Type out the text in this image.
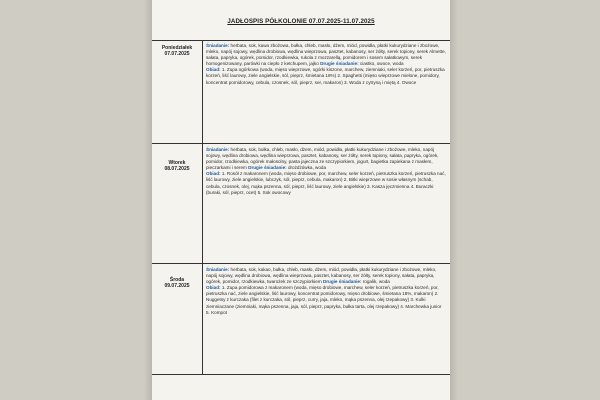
JADŁOSPIS PÓŁKOLONIE 07.07.2025-11.07.2025
Poniedziałek
07.07.2025

Śniadanie: herbata, sok, kawa zbożowa, bułka, chleb, masło, dżem, miód, powidła, płatki kukurydziane i zbożowe, mleko, napój sojowy, wędlina drobiowa, wędlina wieprzowa, pasztet, kabanosy, ser żółty, serek topiony, serek Almette, sałata, papryka, ogórek, pomidor, rzodkiewka, rukola z mozzarellą, pomidorem i sosem sałatkowym, serek homogenizowany, parówki na ciepło z ketchupem, jajko Drugie śniadanie: ciastko, owoce, woda

Obiad: 1. Zupa ogórkowa (woda, mięso wieprzowe, ogórki kiszone, marchew, ziemniaki, seler korzeń, por, pietruszka korzeń, liść laurowy, ziele angielskie, sól, pieprz, śmietana 18%) 2. Spaghetti (mięso wieprzowe mielone, pomidory, koncentrat pomidorowy, cebula, czosnek, sól, pieprz, ser, makaron) 3. Woda z cytryną i miętą 4. Owoce

Wtorek
08.07.2025

Śniadanie: herbata, sok, bułka, chleb, masło, dżem, miód, powidła, płatki kukurydziane i zbożowe, mleko, napój sojowy, wędlina drobiowa, wędlina wieprzowa, pasztet, kabanosy, ser żółty, serek topiony, sałata, papryka, ogórek, pomidor, rzodkiewka, ogórek małosolny, pasta jajeczna ze szczypiorkiem, jogurt, bagietka zapiekana z masłem, pieczarkami i serem Drugie śniadanie: drożdżówka, woda

Obiad: 1. Rosół z makaronem (woda, mięso drobiowe, por, marchew, seler korzeń, pietruszka korzeń, pietruszka nać, liść laurowy, ziele angielskie, lubczyk, sól, pieprz, cebula, makaron) 2. Bitki wieprzowe w sosie własnym (schab, cebula, czosnek, olej, mąka pszenna, sól, pieprz, liść laurowy, ziele angielskie) 3. Kasza jęczmienna 4. Buraczki (buraki, sól, pieprz, ocet) 5. Sok owocowy

Środa
09.07.2025

Śniadanie: herbata, sok, kakao, bułka, chleb, masło, dżem, miód, powidła, płatki kukurydziane i zbożowe, mleko, napój sojowy, wędlina drobiowa, wędlina wieprzowa, pasztet, kabanosy, ser żółty, serek topiony, sałata, papryka, ogórek, pomidor, rzodkiewka, twarożek ze szczypiorkiem Drugie śniadanie: rogalik, woda

Obiad: 1. Zupa pomidorowa z makaronem (woda, mięso drobiowe, marchew, seler korzeń, pietruszka korzeń, por, pietruszka nać, ziele angielskie, liść laurowy, koncentrat pomidorowy, mięso drobiowe, śmietana 18%, makaron) 2. Nuggetsy z kurczaka (filet z kurczaka, sól, pieprz, curry, jaja, mleko, mąka pszenna, olej rzepakowy) 3. Kulki ziemniaczane (ziemniaki, mąka pszenna, jaja, sól, pieprz, papryka, bułka tarta, olej rzepakowy) 4. Marchewka junior 5. Kompot
